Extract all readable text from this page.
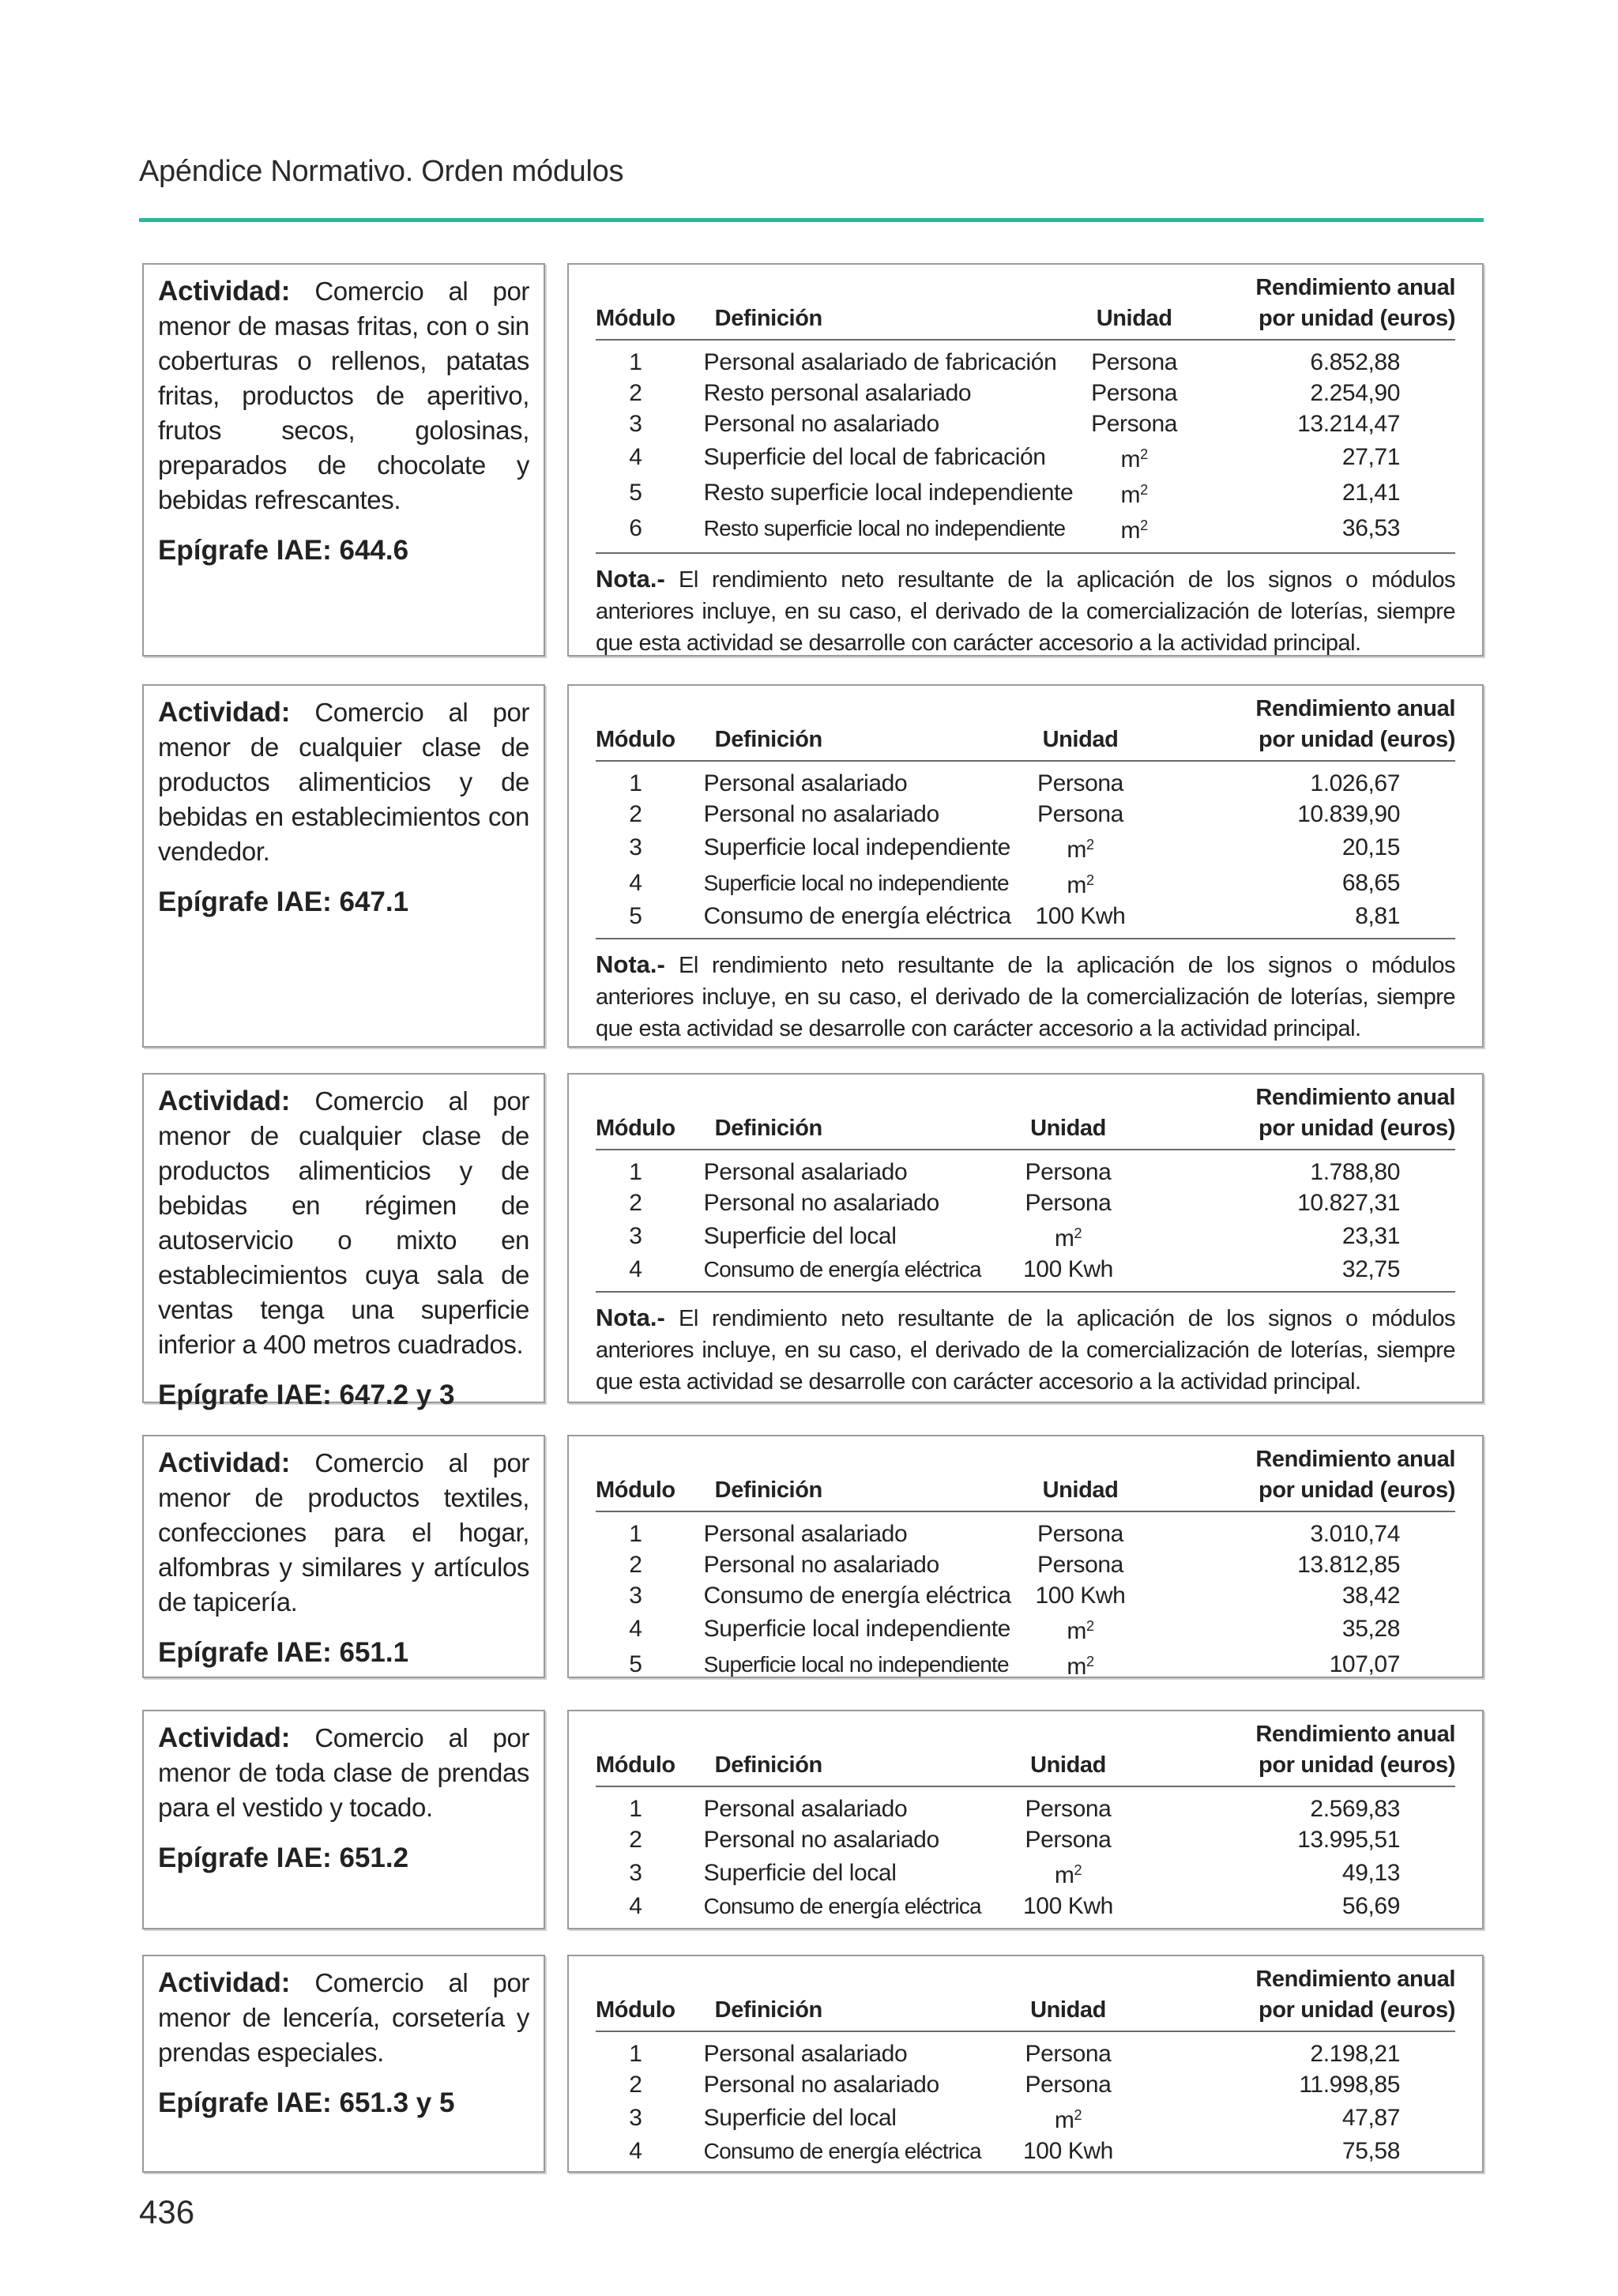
Apéndice Normativo. Orden módulos
Actividad: Comercio al por menor de masas fritas, con o sin coberturas o rellenos, patatas fritas, productos de aperitivo, frutos secos, golosinas, preparados de chocolate y bebidas refrescantes.
Epígrafe IAE: 644.6
Módulo	Definición	Unidad	Rendimiento anual
por unidad (euros)

1	Personal asalariado de fabricación	Persona	6.852,88
2	Resto personal asalariado	Persona	2.254,90
3	Personal no asalariado	Persona	13.214,47
4	Superficie del local de fabricación	$m^2$	27,71
5	Resto superficie local independiente	$m^2$	21,41
6	Resto superficie local no independiente	$m^2$	36,53
Nota.- El rendimiento neto resultante de la aplicación de los signos o módulos anteriores incluye, en su caso, el derivado de la comercialización de loterías, siempre que esta actividad se desarrolle con carácter accesorio a la actividad principal.
Actividad: Comercio al por menor de cualquier clase de productos alimenticios y de bebidas en establecimientos con vendedor.
Epígrafe IAE: 647.1
Módulo	Definición	Unidad	Rendimiento anual
por unidad (euros)

1	Personal asalariado	Persona	1.026,67
2	Personal no asalariado	Persona	10.839,90
3	Superficie local independiente	$m^2$	20,15
4	Superficie local no independiente	$m^2$	68,65
5	Consumo de energía eléctrica	100 Kwh	8,81
Nota.- El rendimiento neto resultante de la aplicación de los signos o módulos anteriores incluye, en su caso, el derivado de la comercialización de loterías, siempre que esta actividad se desarrolle con carácter accesorio a la actividad principal.
Actividad: Comercio al por menor de cualquier clase de productos alimenticios y de bebidas en régimen de autoservicio o mixto en establecimientos cuya sala de ventas tenga una superficie inferior a 400 metros cuadrados.
Epígrafe IAE: 647.2 y 3
Módulo	Definición	Unidad	Rendimiento anual
por unidad (euros)

1	Personal asalariado	Persona	1.788,80
2	Personal no asalariado	Persona	10.827,31
3	Superficie del local	$m^2$	23,31
4	Consumo de energía eléctrica	100 Kwh	32,75
Nota.- El rendimiento neto resultante de la aplicación de los signos o módulos anteriores incluye, en su caso, el derivado de la comercialización de loterías, siempre que esta actividad se desarrolle con carácter accesorio a la actividad principal.
Actividad: Comercio al por menor de productos textiles, confecciones para el hogar, alfombras y similares y artículos de tapicería.
Epígrafe IAE: 651.1
Módulo	Definición	Unidad	Rendimiento anual
por unidad (euros)

1	Personal asalariado	Persona	3.010,74
2	Personal no asalariado	Persona	13.812,85
3	Consumo de energía eléctrica	100 Kwh	38,42
4	Superficie local independiente	$m^2$	35,28
5	Superficie local no independiente	$m^2$	107,07
Actividad: Comercio al por menor de toda clase de prendas para el vestido y tocado.
Epígrafe IAE: 651.2
Módulo	Definición	Unidad	Rendimiento anual
por unidad (euros)

1	Personal asalariado	Persona	2.569,83
2	Personal no asalariado	Persona	13.995,51
3	Superficie del local	$m^2$	49,13
4	Consumo de energía eléctrica	100 Kwh	56,69
Actividad: Comercio al por menor de lencería, corsetería y prendas especiales.
Epígrafe IAE: 651.3 y 5
Módulo	Definición	Unidad	Rendimiento anual
por unidad (euros)

1	Personal asalariado	Persona	2.198,21
2	Personal no asalariado	Persona	11.998,85
3	Superficie del local	$m^2$	47,87
4	Consumo de energía eléctrica	100 Kwh	75,58
436
